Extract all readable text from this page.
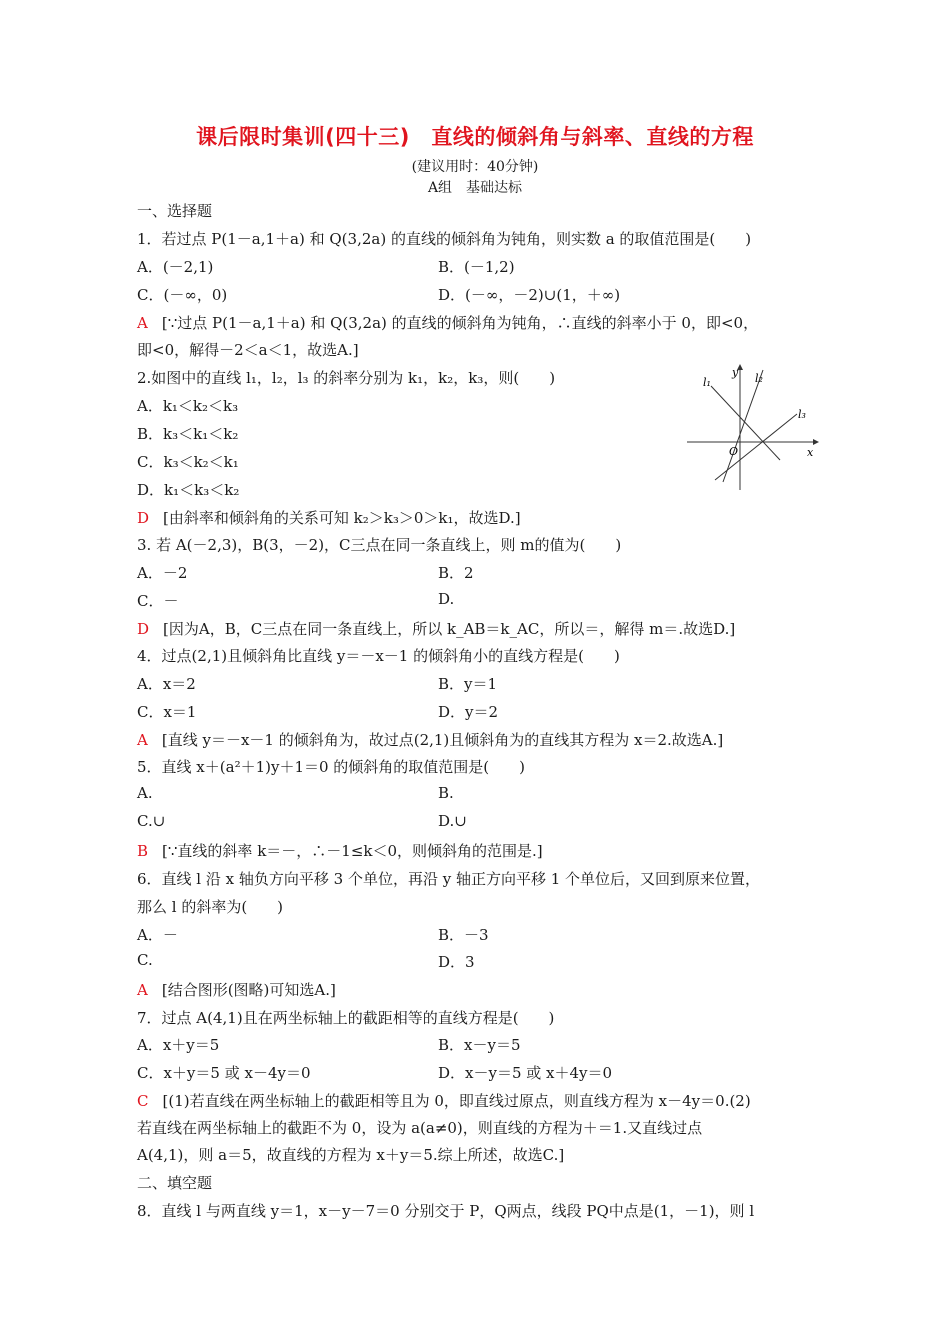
课后限时集训(四十三)　直线的倾斜角与斜率、直线的方程
(建议用时：40分钟)
A组　基础达标
一、选择题
1．若过点 P(1－a,1＋a) 和 Q(3,2a) 的直线的倾斜角为钝角，则实数 a 的取值范围是(　　)
A．(－2,1)	B．(－1,2)
C．(－∞，0)	D．(－∞，－2)∪(1，＋∞)
A [∵过点 P(1－a,1＋a) 和 Q(3,2a) 的直线的倾斜角为钝角，∴直线的斜率小于 0，即<0，
即<0，解得－2＜a＜1，故选A.]
2.如图中的直线 l₁，l₂，l₃ 的斜率分别为 k₁，k₂，k₃，则(　　)
A．k₁＜k₂＜k₃
B．k₃＜k₁＜k₂
C．k₃＜k₂＜k₁
D．k₁＜k₃＜k₂
D [由斜率和倾斜角的关系可知 k₂＞k₃＞0＞k₁，故选D.]
y
x
O
l₁	l₂
l₃
3. 若 A(－2,3)，B(3，－2)，C三点在同一条直线上，则 m的值为(　　)
A．－2	B．2
C．－	D.
D [因为A，B，C三点在同一条直线上，所以 k_AB＝k_AC，所以＝，解得 m＝.故选D.]
4．过点(2,1)且倾斜角比直线 y＝－x－1 的倾斜角小的直线方程是(　　)
A．x＝2	B．y＝1
C．x＝1	D．y＝2
A [直线 y＝－x－1 的倾斜角为，故过点(2,1)且倾斜角为的直线其方程为 x＝2.故选A.]
5．直线 x＋(a²＋1)y＋1＝0 的倾斜角的取值范围是(　　)
A.	B.
C.∪	D.∪
B [∵直线的斜率 k＝－，∴－1≤k＜0，则倾斜角的范围是.]
6．直线 l 沿 x 轴负方向平移 3 个单位，再沿 y 轴正方向平移 1 个单位后，又回到原来位置，
那么 l 的斜率为(　　)
A．－	B．－3
C.	D．3
A [结合图形(图略)可知选A.]
7．过点 A(4,1)且在两坐标轴上的截距相等的直线方程是(　　)
A．x＋y＝5	B．x－y＝5
C．x＋y＝5 或 x－4y＝0	D．x－y＝5 或 x＋4y＝0
C [(1)若直线在两坐标轴上的截距相等且为 0，即直线过原点，则直线方程为 x－4y＝0.(2)
若直线在两坐标轴上的截距不为 0，设为 a(a≠0)，则直线的方程为＋＝1.又直线过点
A(4,1)，则 a＝5，故直线的方程为 x＋y＝5.综上所述，故选C.]
二、填空题
8．直线 l 与两直线 y＝1，x－y－7＝0 分别交于 P，Q两点，线段 PQ中点是(1，－1)，则 l
